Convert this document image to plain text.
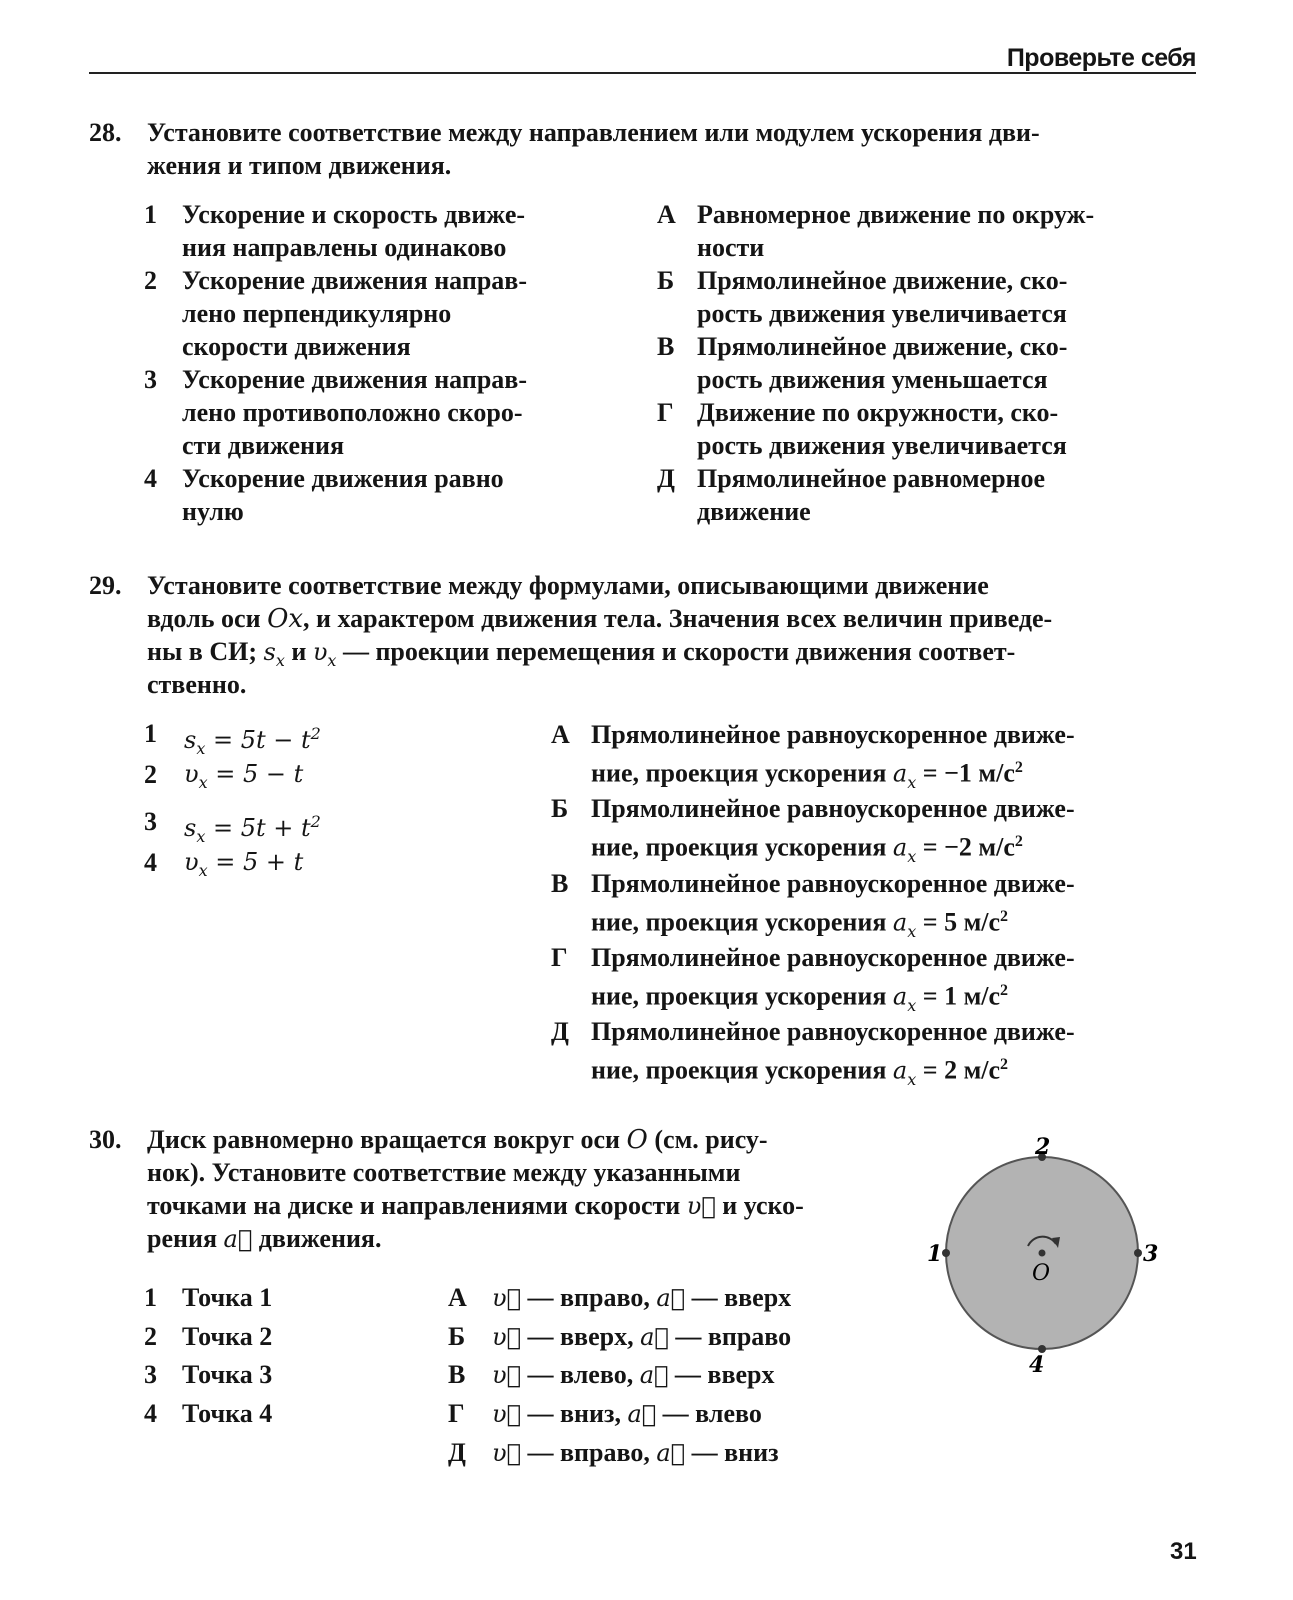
Проверьте себя
28. Установите соответствие между направлением или модулем ускорения дви-
жения и типом движения.
1 Ускорение и скорость движе-
ния направлены одинаково
2 Ускорение движения направ-
лено перпендикулярно
скорости движения
3 Ускорение движения направ-
лено противоположно скоро-
сти движения
4 Ускорение движения равно
нулю
А Равномерное движение по окруж-
ности
Б Прямолинейное движение, ско-
рость движения увеличивается
В Прямолинейное движение, ско-
рость движения уменьшается
Г Движение по окружности, ско-
рость движения увеличивается
Д Прямолинейное равномерное
движение
29. Установите соответствие между формулами, описывающими движение
вдоль оси Ox, и характером движения тела. Значения всех величин приведе-
ны в СИ; $s_x$ и $\upsilon_x$ — проекции перемещения и скорости движения соответ-
ственно.
1 $s_x = 5t - t^2$
2 $\upsilon_x = 5 - t$
3 $s_x = 5t + t^2$
4 $\upsilon_x = 5 + t$
А Прямолинейное равноускоренное движе-
ние, проекция ускорения $a_x = -1$ $м/с^2$
Б Прямолинейное равноускоренное движе-
ние, проекция ускорения $a_x = -2$ $м/с^2$
В Прямолинейное равноускоренное движе-
ние, проекция ускорения $a_x = 5$ $м/с^2$
Г Прямолинейное равноускоренное движе-
ние, проекция ускорения $a_x = 1$ $м/с^2$
Д Прямолинейное равноускоренное движе-
ние, проекция ускорения $a_x = 2$ $м/с^2$
30. Диск равномерно вращается вокруг оси O (см. рису-
нок). Установите соответствие между указанными
точками на диске и направлениями скорости υ⃗ и уско-
рения a⃗ движения.
1 Точка 1
2 Точка 2
3 Точка 3
4 Точка 4
А υ⃗ — вправо, a⃗ — вверх
Б υ⃗ — вверх, a⃗ — вправо
В υ⃗ — влево, a⃗ — вверх
Г υ⃗ — вниз, a⃗ — влево
Д υ⃗ — вправо, a⃗ — вниз
2
1	3
4
O
31
